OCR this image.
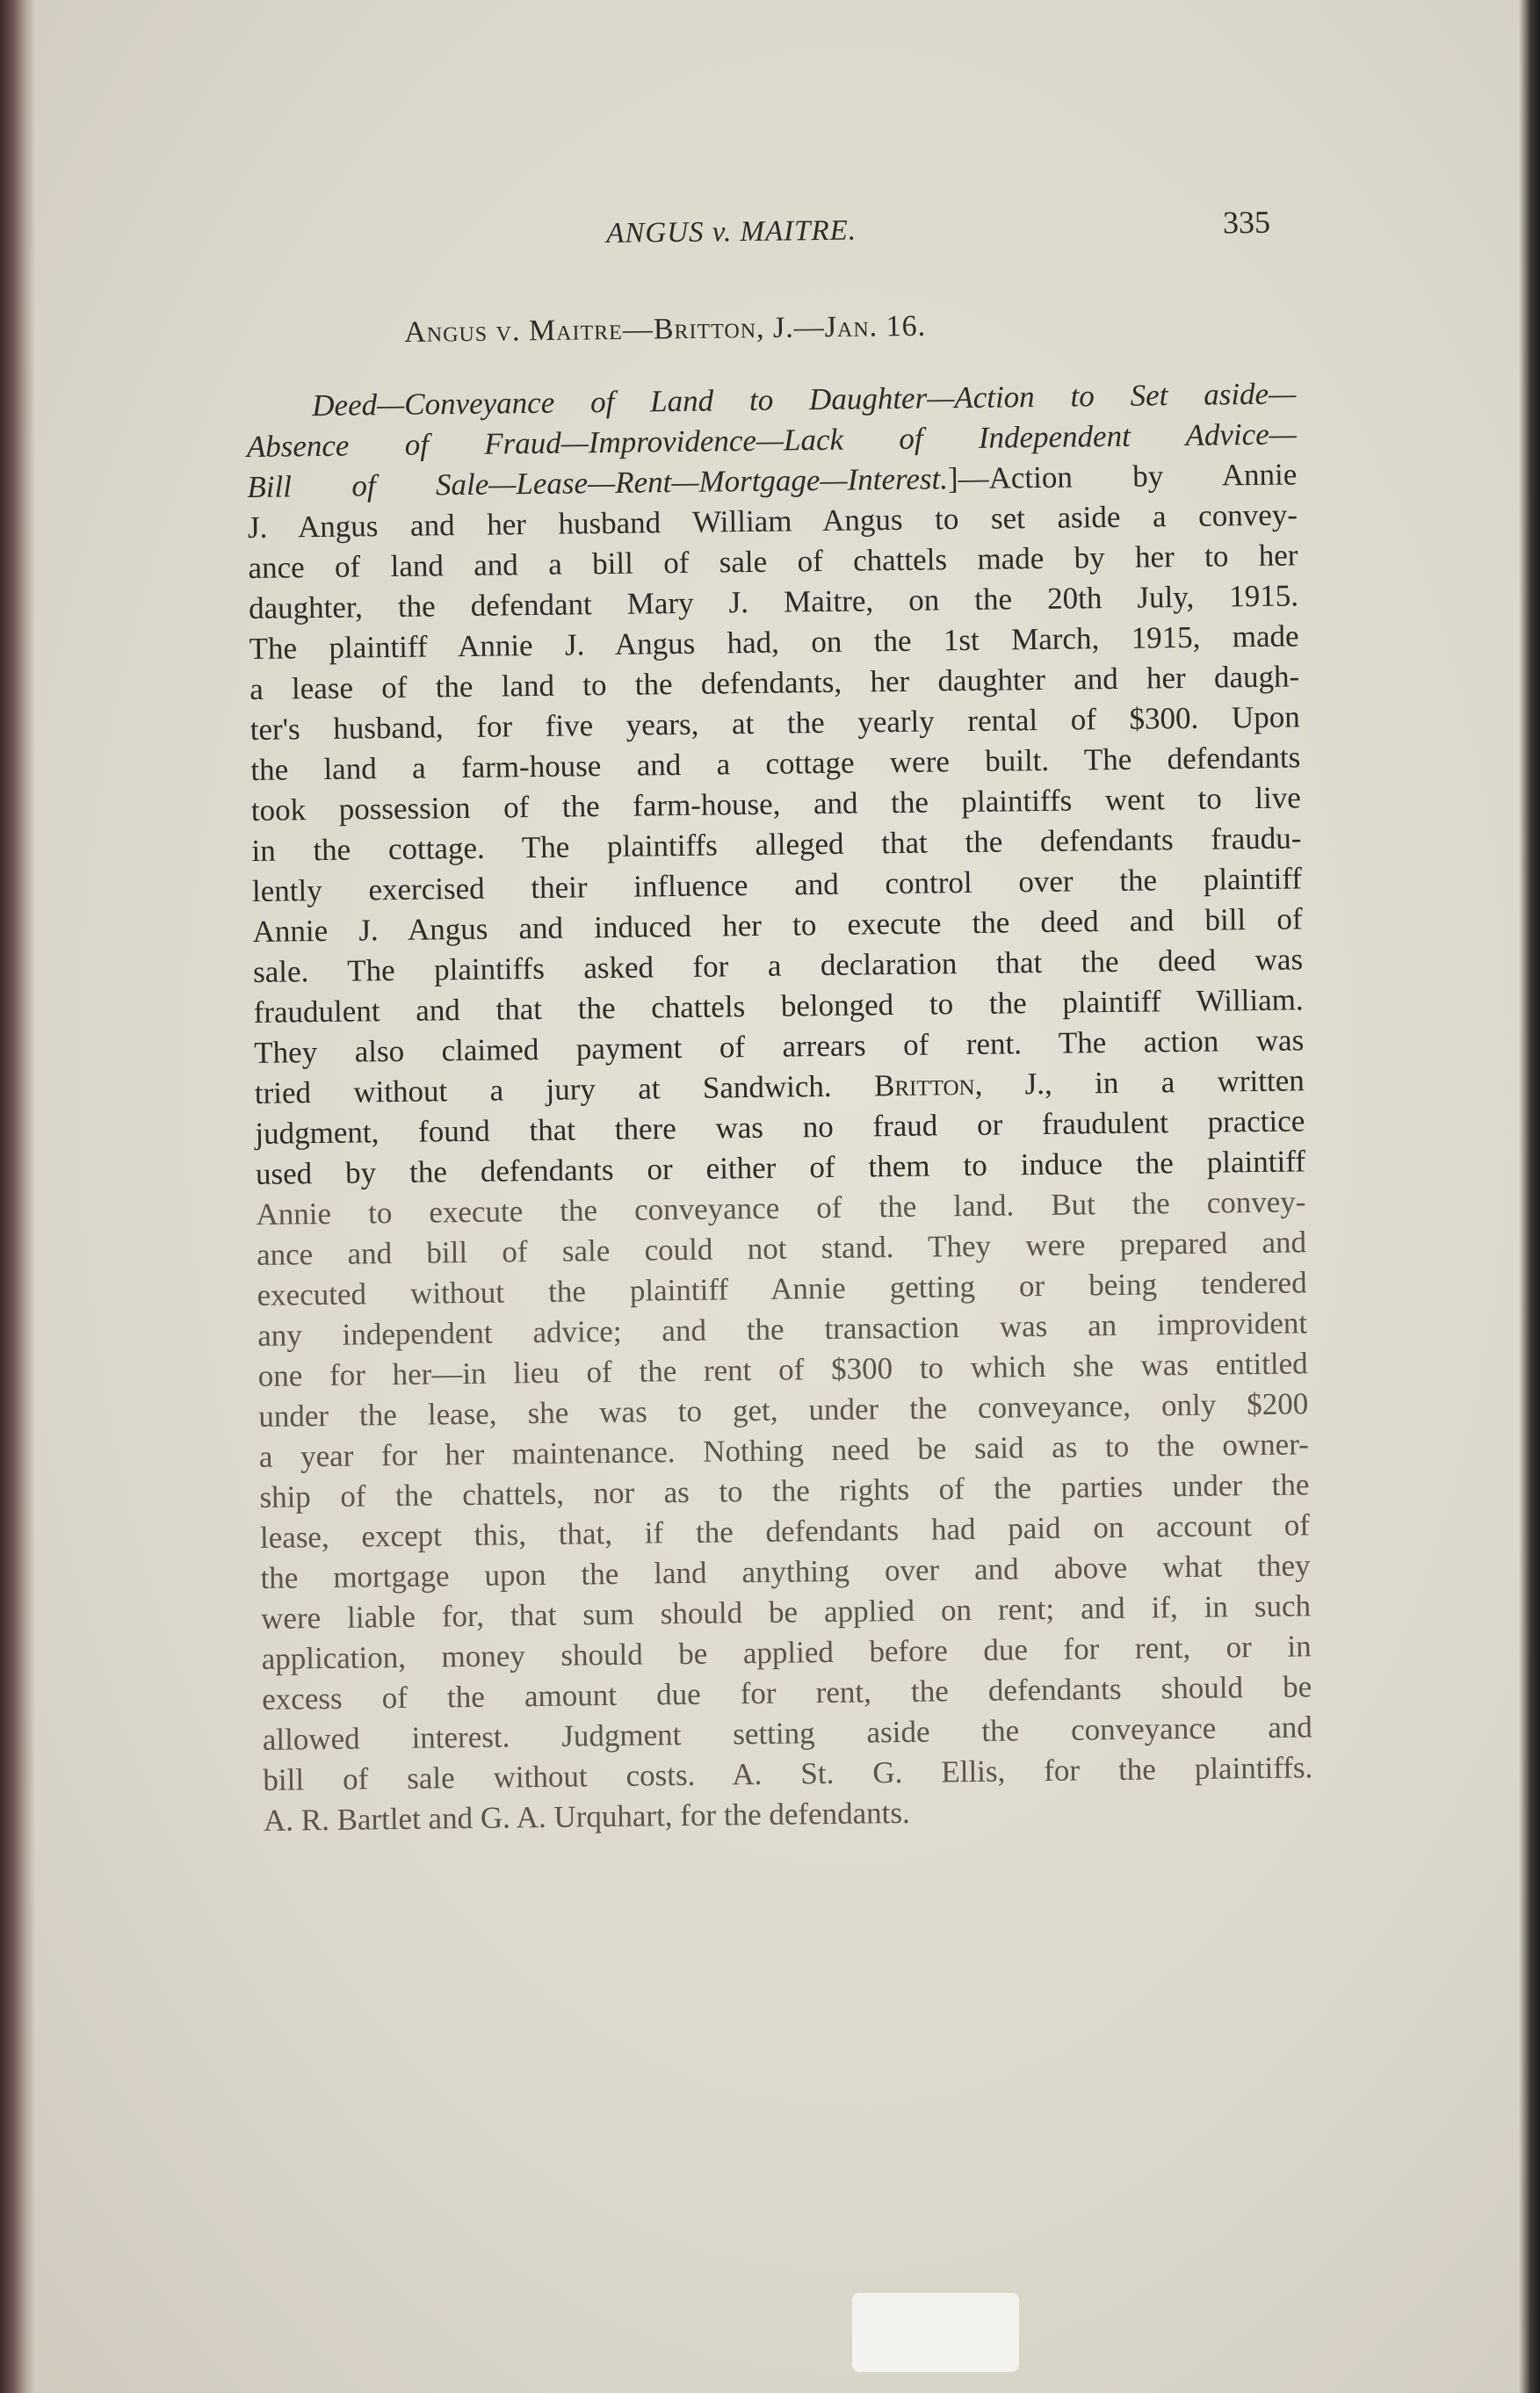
ANGUS v. MAITRE.	335
Angus v. Maitre—Britton, J.—Jan. 16.
Deed—Conveyance of Land to Daughter—Action to Set aside—
Absence of Fraud—Improvidence—Lack of Independent Advice—
Bill of Sale—Lease—Rent—Mortgage—Interest.]—Action by Annie
J. Angus and her husband William Angus to set aside a convey-
ance of land and a bill of sale of chattels made by her to her
daughter, the defendant Mary J. Maitre, on the 20th July, 1915.
The plaintiff Annie J. Angus had, on the 1st March, 1915, made
a lease of the land to the defendants, her daughter and her daugh-
ter's husband, for five years, at the yearly rental of $300. Upon
the land a farm-house and a cottage were built. The defendants
took possession of the farm-house, and the plaintiffs went to live
in the cottage. The plaintiffs alleged that the defendants fraudu-
lently exercised their influence and control over the plaintiff
Annie J. Angus and induced her to execute the deed and bill of
sale. The plaintiffs asked for a declaration that the deed was
fraudulent and that the chattels belonged to the plaintiff William.
They also claimed payment of arrears of rent. The action was
tried without a jury at Sandwich. Britton, J., in a written
judgment, found that there was no fraud or fraudulent practice
used by the defendants or either of them to induce the plaintiff
Annie to execute the conveyance of the land. But the convey-
ance and bill of sale could not stand. They were prepared and
executed without the plaintiff Annie getting or being tendered
any independent advice; and the transaction was an improvident
one for her—in lieu of the rent of $300 to which she was entitled
under the lease, she was to get, under the conveyance, only $200
a year for her maintenance. Nothing need be said as to the owner-
ship of the chattels, nor as to the rights of the parties under the
lease, except this, that, if the defendants had paid on account of
the mortgage upon the land anything over and above what they
were liable for, that sum should be applied on rent; and if, in such
application, money should be applied before due for rent, or in
excess of the amount due for rent, the defendants should be
allowed interest. Judgment setting aside the conveyance and
bill of sale without costs. A. St. G. Ellis, for the plaintiffs.
A. R. Bartlet and G. A. Urquhart, for the defendants.
